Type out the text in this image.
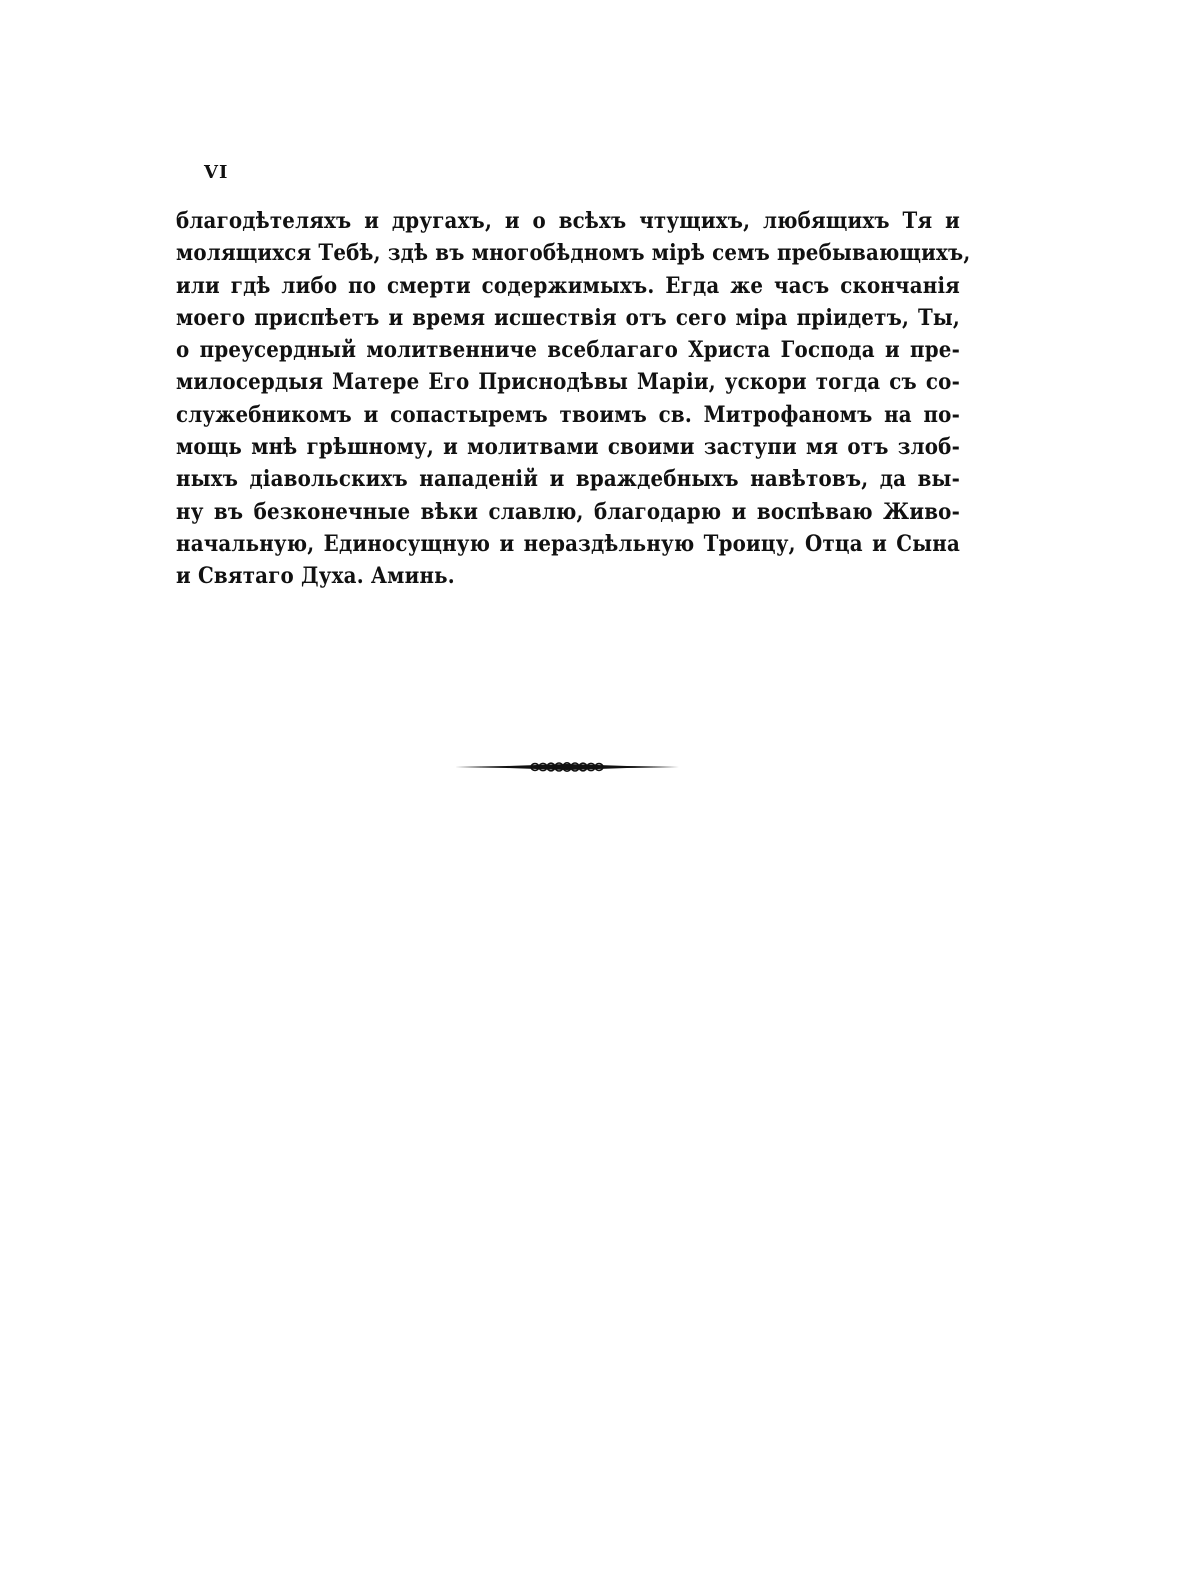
VI
благодѣтеляхъ и другахъ, и о всѣхъ чтущихъ, любящихъ Тя и
молящихся Тебѣ, здѣ въ многобѣдномъ мірѣ семъ пребывающихъ,
или гдѣ либо по смерти содержимыхъ. Егда же часъ скончанія
моего приспѣетъ и время исшествія отъ сего міра пріидетъ, Ты,
о преусердный молитвенниче всеблагаго Христа Господа и пре-
милосердыя Матере Его Приснодѣвы Маріи, ускори тогда съ со-
служебникомъ и сопастыремъ твоимъ св. Митрофаномъ на по-
мощь мнѣ грѣшному, и молитвами своими заступи мя отъ злоб-
ныхъ діавольскихъ нападеній и враждебныхъ навѣтовъ, да вы-
ну въ безконечные вѣки славлю, благодарю и воспѣваю Живо-
начальную, Единосущную и нераздѣльную Троицу, Отца и Сына
и Святаго Духа. Аминь.
